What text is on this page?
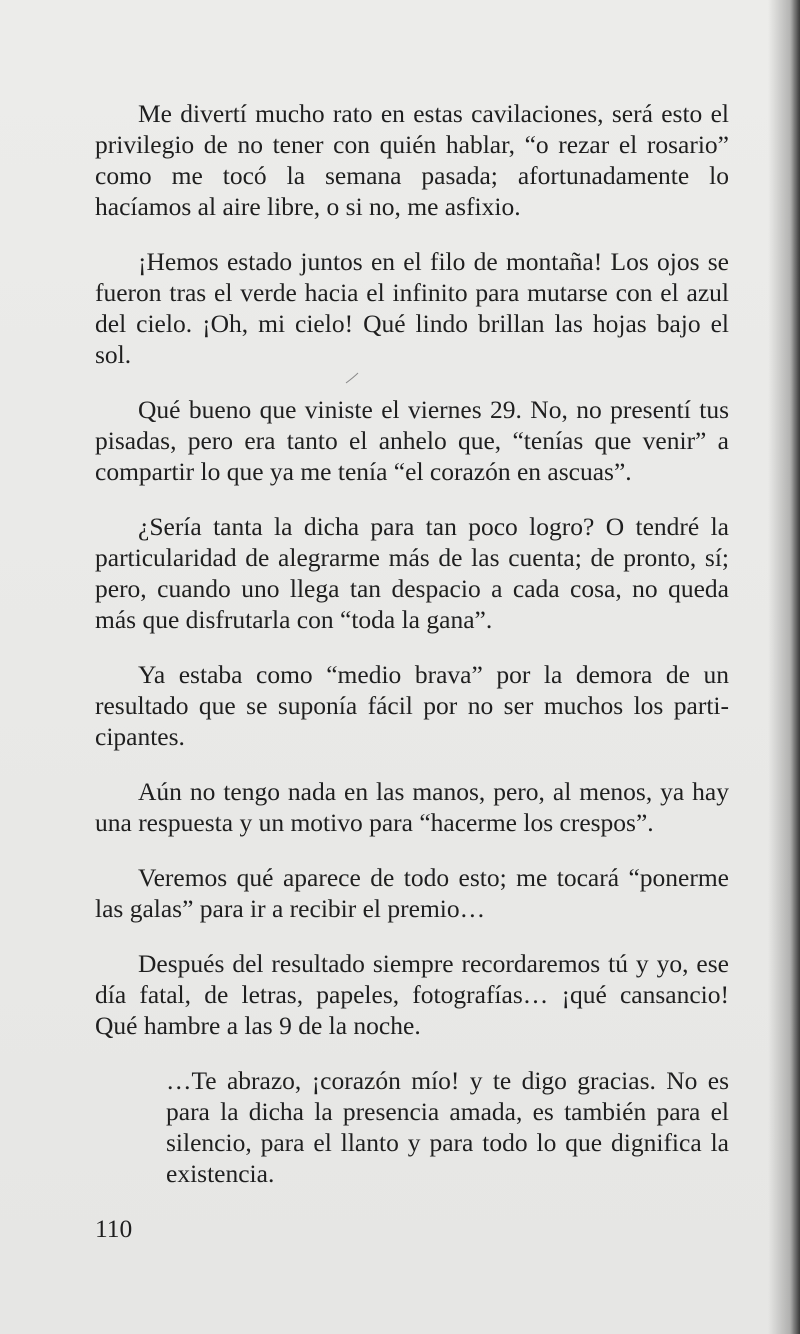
Me divertí mucho rato en estas cavilaciones, será esto el privilegio de no tener con quién hablar, “o rezar el rosario” como me tocó la semana pasada; afortunadamente lo hacíamos al aire libre, o si no, me asfixio.

¡Hemos estado juntos en el filo de montaña! Los ojos se fueron tras el verde hacia el infinito para mutarse con el azul del cielo. ¡Oh, mi cielo! Qué lindo brillan las hojas bajo el sol.

Qué bueno que viniste el viernes 29. No, no presentí tus pisadas, pero era tanto el anhelo que, “tenías que venir” a compartir lo que ya me tenía “el corazón en ascuas”.

¿Sería tanta la dicha para tan poco logro? O tendré la particularidad de alegrarme más de las cuenta; de pronto, sí; pero, cuando uno llega tan despacio a cada cosa, no queda más que disfrutarla con “toda la gana”.

Ya estaba como “medio brava” por la demora de un resultado que se suponía fácil por no ser muchos los participantes.

Aún no tengo nada en las manos, pero, al menos, ya hay una respuesta y un motivo para “hacerme los crespos”.

Veremos qué aparece de todo esto; me tocará “ponerme las galas” para ir a recibir el premio…

Después del resultado siempre recordaremos tú y yo, ese día fatal, de letras, papeles, fotografías… ¡qué cansancio! Qué hambre a las 9 de la noche.

…Te abrazo, ¡corazón mío! y te digo gracias. No es para la dicha la presencia amada, es también para el silencio, para el llanto y para todo lo que dignifica la existencia.

110
